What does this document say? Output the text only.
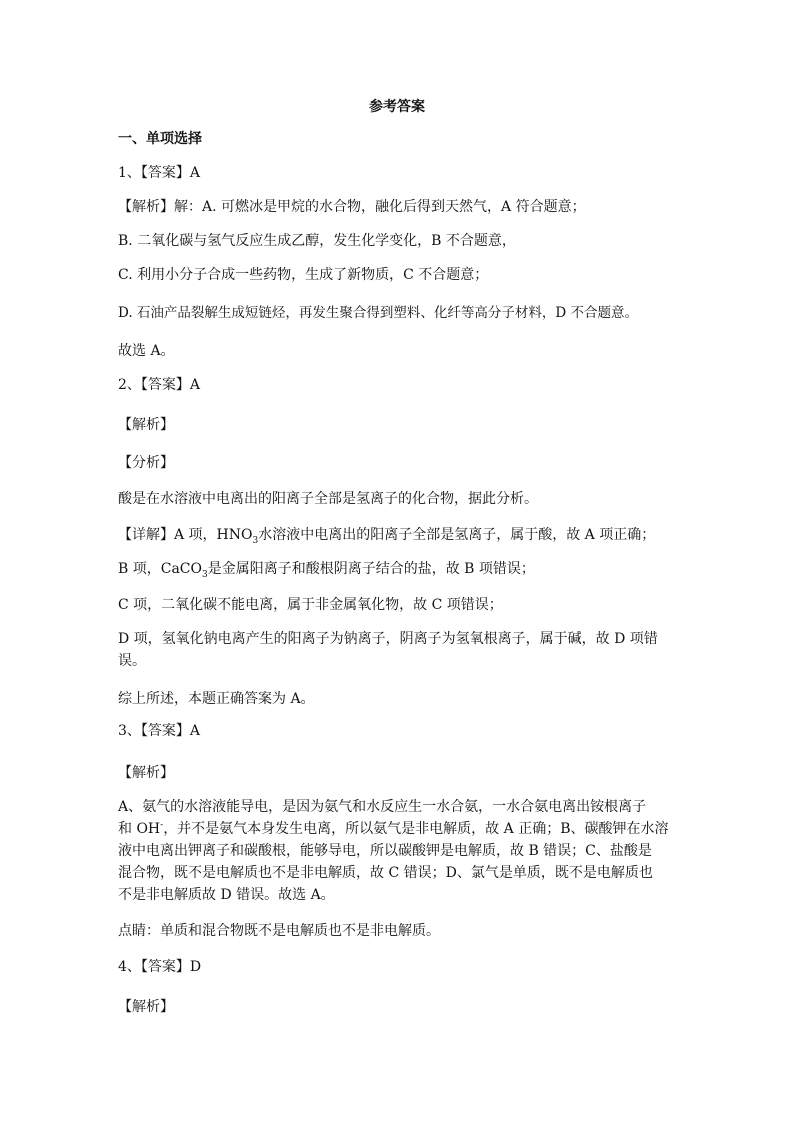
参考答案
一、单项选择
1、【答案】A
【解析】解：A. 可燃冰是甲烷的水合物，融化后得到天然气，A 符合题意；
B. 二氧化碳与氢气反应生成乙醇，发生化学变化，B 不合题意，
C. 利用小分子合成一些药物，生成了新物质，C 不合题意；
D. 石油产品裂解生成短链烃，再发生聚合得到塑料、化纤等高分子材料，D 不合题意。
故选 A。
2、【答案】A
【解析】
【分析】
酸是在水溶液中电离出的阳离子全部是氢离子的化合物，据此分析。
【详解】A 项，$HNO_3$水溶液中电离出的阳离子全部是氢离子，属于酸，故 A 项正确；
B 项，CaCO$_3$是金属阳离子和酸根阴离子结合的盐，故 B 项错误；
C 项，二氧化碳不能电离，属于非金属氧化物，故 C 项错误；
D 项，氢氧化钠电离产生的阳离子为钠离子，阴离子为氢氧根离子，属于碱，故 D 项错误。
综上所述，本题正确答案为 A。
3、【答案】A
【解析】
A、氨气的水溶液能导电，是因为氨气和水反应生一水合氨，一水合氨电离出铵根离子
和 OH-，并不是氨气本身发生电离，所以氨气是非电解质，故 A 正确；B、碳酸钾在水溶
液中电离出钾离子和碳酸根，能够导电，所以碳酸钾是电解质，故 B 错误；C、盐酸是
混合物，既不是电解质也不是非电解质，故 C 错误；D、氯气是单质，既不是电解质也
不是非电解质故 D 错误。故选 A。
点睛：单质和混合物既不是电解质也不是非电解质。
4、【答案】D
【解析】
